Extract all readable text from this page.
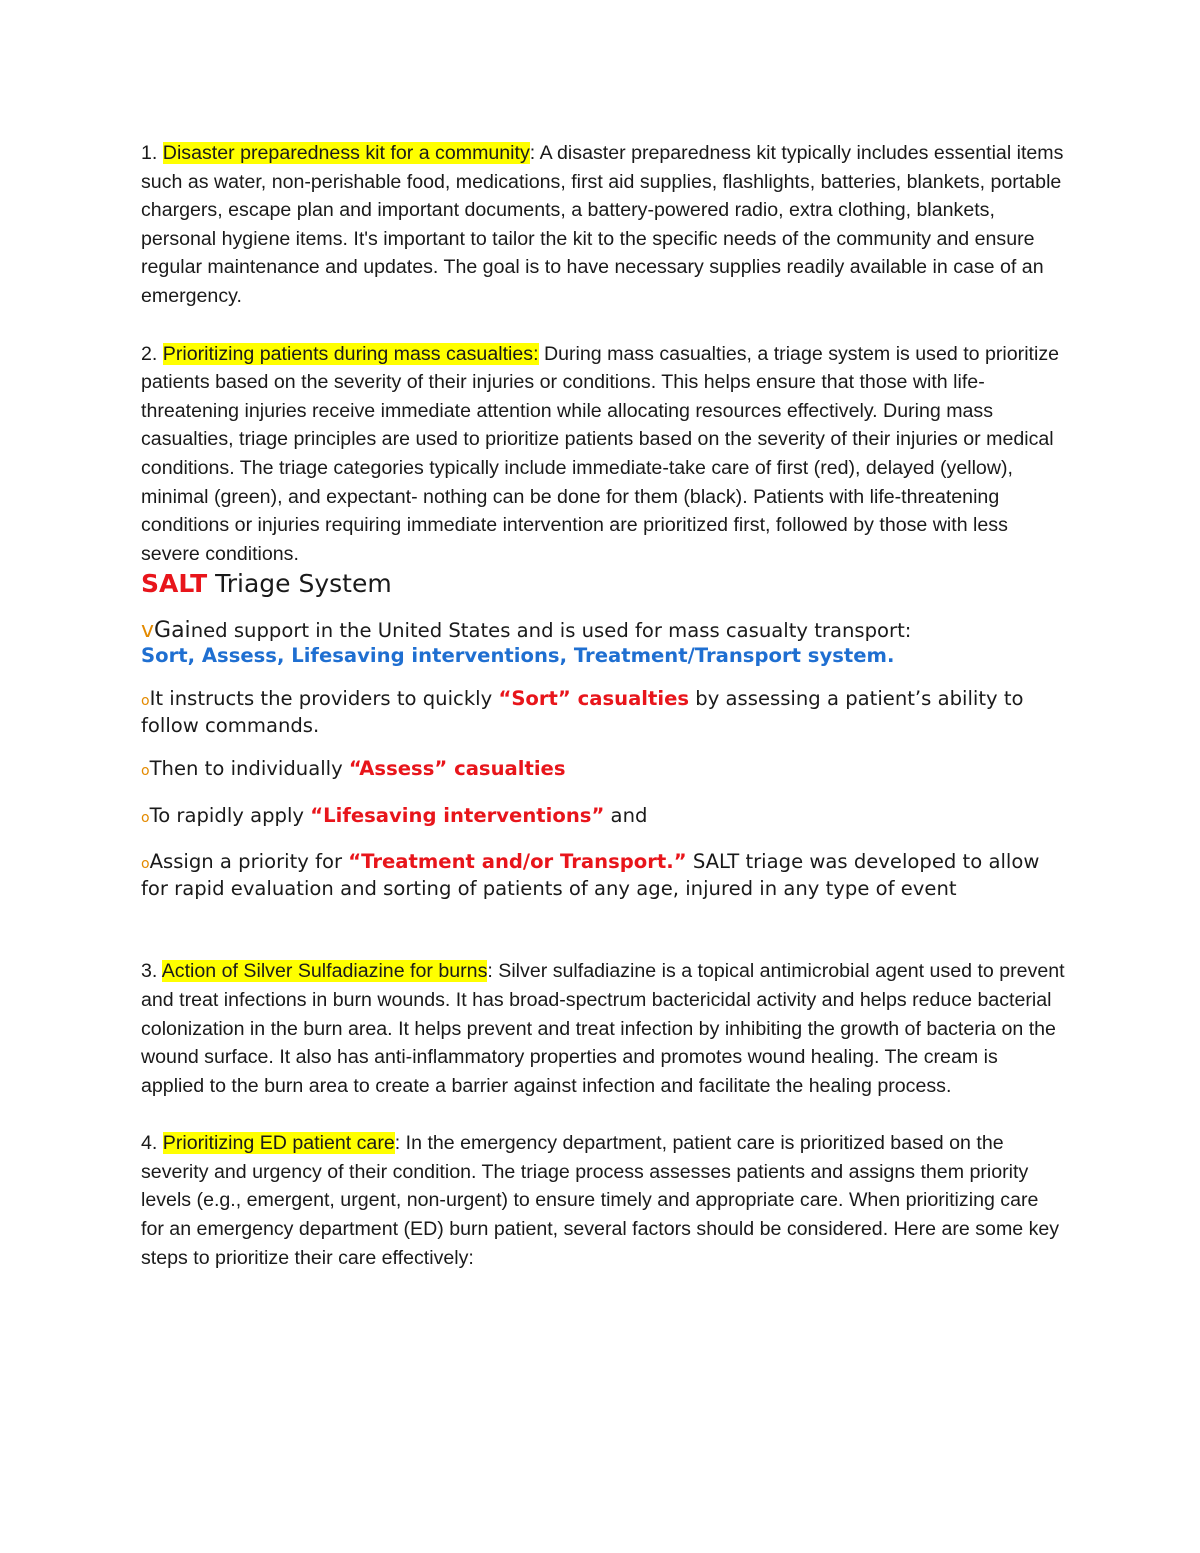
1. Disaster preparedness kit for a community: A disaster preparedness kit typically includes essential items such as water, non-perishable food, medications, first aid supplies, flashlights, batteries, blankets, portable chargers, escape plan and important documents, a battery-powered radio, extra clothing, blankets, personal hygiene items. It's important to tailor the kit to the specific needs of the community and ensure regular maintenance and updates. The goal is to have necessary supplies readily available in case of an emergency.

2. Prioritizing patients during mass casualties: During mass casualties, a triage system is used to prioritize patients based on the severity of their injuries or conditions. This helps ensure that those with life-threatening injuries receive immediate attention while allocating resources effectively. During mass casualties, triage principles are used to prioritize patients based on the severity of their injuries or medical conditions. The triage categories typically include immediate-take care of first (red), delayed (yellow), minimal (green), and expectant- nothing can be done for them (black). Patients with life-threatening conditions or injuries requiring immediate intervention are prioritized first, followed by those with less severe conditions.

SALT Triage System

vGained support in the United States and is used for mass casualty transport:
Sort, Assess, Lifesaving interventions, Treatment/Transport system.

oIt instructs the providers to quickly “Sort” casualties by assessing a patient’s ability to follow commands.

oThen to individually “Assess” casualties

oTo rapidly apply “Lifesaving interventions” and

oAssign a priority for “Treatment and/or Transport.” SALT triage was developed to allow for rapid evaluation and sorting of patients of any age, injured in any type of event

3. Action of Silver Sulfadiazine for burns: Silver sulfadiazine is a topical antimicrobial agent used to prevent and treat infections in burn wounds. It has broad-spectrum bactericidal activity and helps reduce bacterial colonization in the burn area. It helps prevent and treat infection by inhibiting the growth of bacteria on the wound surface. It also has anti-inflammatory properties and promotes wound healing. The cream is applied to the burn area to create a barrier against infection and facilitate the healing process.

4. Prioritizing ED patient care: In the emergency department, patient care is prioritized based on the severity and urgency of their condition. The triage process assesses patients and assigns them priority levels (e.g., emergent, urgent, non-urgent) to ensure timely and appropriate care. When prioritizing care for an emergency department (ED) burn patient, several factors should be considered. Here are some key steps to prioritize their care effectively:
